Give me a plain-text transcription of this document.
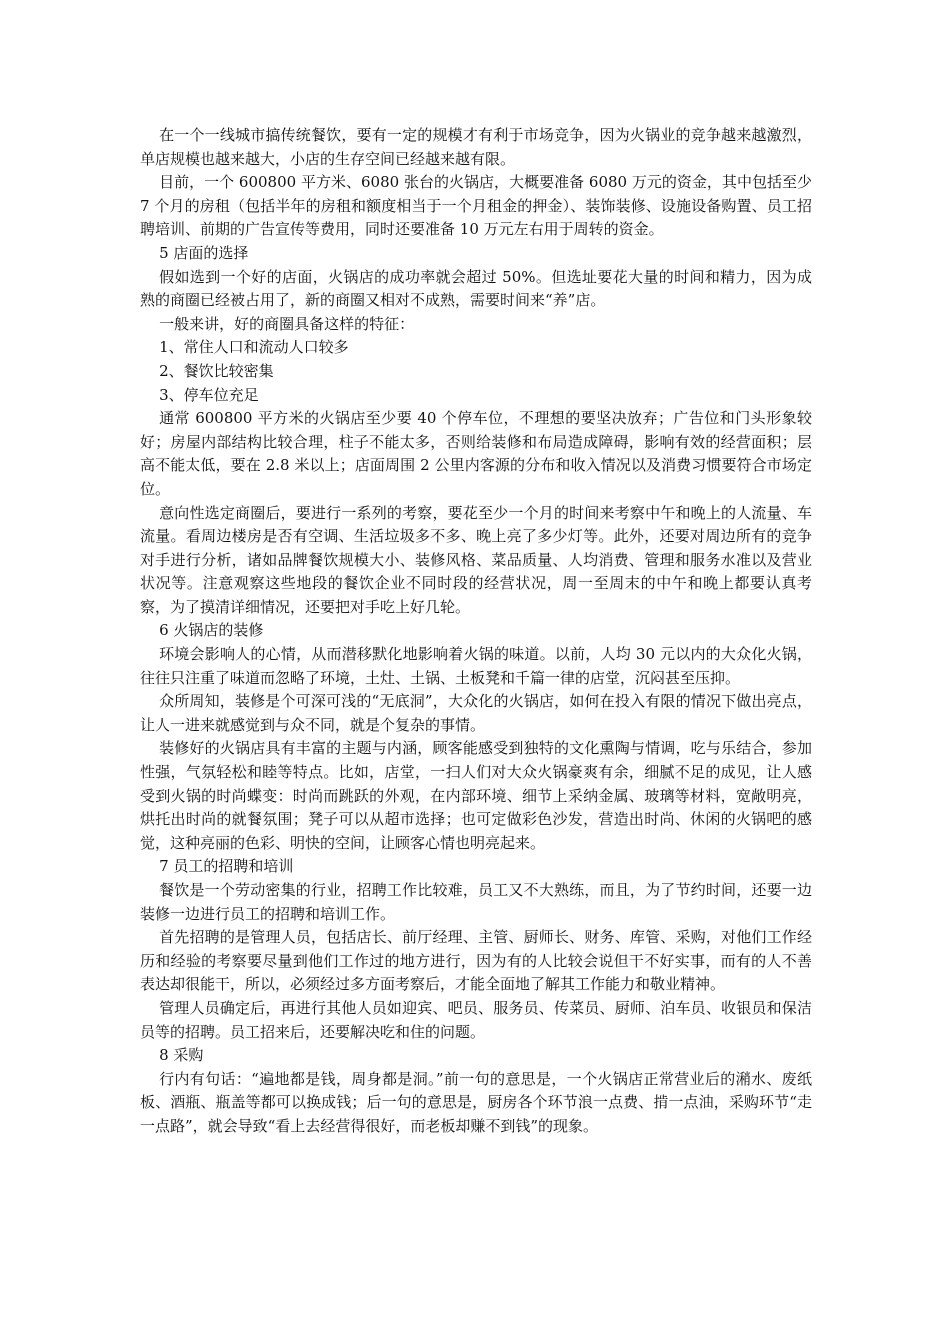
在一个一线城市搞传统餐饮，要有一定的规模才有利于市场竞争，因为火锅业的竞争越来越激烈，单店规模也越来越大，小店的生存空间已经越来越有限。

目前，一个 600800 平方米、6080 张台的火锅店，大概要准备 6080 万元的资金，其中包括至少 7 个月的房租（包括半年的房租和额度相当于一个月租金的押金）、装饰装修、设施设备购置、员工招聘培训、前期的广告宣传等费用，同时还要准备 10 万元左右用于周转的资金。

5 店面的选择

假如选到一个好的店面，火锅店的成功率就会超过 50%。但选址要花大量的时间和精力，因为成熟的商圈已经被占用了，新的商圈又相对不成熟，需要时间来“养”店。

一般来讲，好的商圈具备这样的特征：

1、常住人口和流动人口较多

2、餐饮比较密集

3、停车位充足

通常 600800 平方米的火锅店至少要 40 个停车位，不理想的要坚决放弃；广告位和门头形象较好；房屋内部结构比较合理，柱子不能太多，否则给装修和布局造成障碍，影响有效的经营面积；层高不能太低，要在 2.8 米以上；店面周围 2 公里内客源的分布和收入情况以及消费习惯要符合市场定位。

意向性选定商圈后，要进行一系列的考察，要花至少一个月的时间来考察中午和晚上的人流量、车流量。看周边楼房是否有空调、生活垃圾多不多、晚上亮了多少灯等。此外，还要对周边所有的竞争对手进行分析，诸如品牌餐饮规模大小、装修风格、菜品质量、人均消费、管理和服务水准以及营业状况等。注意观察这些地段的餐饮企业不同时段的经营状况，周一至周末的中午和晚上都要认真考察，为了摸清详细情况，还要把对手吃上好几轮。

6 火锅店的装修

环境会影响人的心情，从而潜移默化地影响着火锅的味道。以前，人均 30 元以内的大众化火锅，往往只注重了味道而忽略了环境，土灶、土锅、土板凳和千篇一律的店堂，沉闷甚至压抑。

众所周知，装修是个可深可浅的“无底洞”，大众化的火锅店，如何在投入有限的情况下做出亮点，让人一进来就感觉到与众不同，就是个复杂的事情。

装修好的火锅店具有丰富的主题与内涵，顾客能感受到独特的文化熏陶与情调，吃与乐结合，参加性强，气氛轻松和睦等特点。比如，店堂，一扫人们对大众火锅豪爽有余，细腻不足的成见，让人感受到火锅的时尚蝶变：时尚而跳跃的外观，在内部环境、细节上采纳金属、玻璃等材料，宽敞明亮，烘托出时尚的就餐氛围；凳子可以从超市选择；也可定做彩色沙发，营造出时尚、休闲的火锅吧的感觉，这种亮丽的色彩、明快的空间，让顾客心情也明亮起来。

7 员工的招聘和培训

餐饮是一个劳动密集的行业，招聘工作比较难，员工又不大熟练，而且，为了节约时间，还要一边装修一边进行员工的招聘和培训工作。

首先招聘的是管理人员，包括店长、前厅经理、主管、厨师长、财务、库管、采购，对他们工作经历和经验的考察要尽量到他们工作过的地方进行，因为有的人比较会说但干不好实事，而有的人不善表达却很能干，所以，必须经过多方面考察后，才能全面地了解其工作能力和敬业精神。

管理人员确定后，再进行其他人员如迎宾、吧员、服务员、传菜员、厨师、泊车员、收银员和保洁员等的招聘。员工招来后，还要解决吃和住的问题。

8 采购

行内有句话：“遍地都是钱，周身都是洞。”前一句的意思是，一个火锅店正常营业后的潲水、废纸板、酒瓶、瓶盖等都可以换成钱；后一句的意思是，厨房各个环节浪一点费、掯一点油，采购环节“走一点路”，就会导致“看上去经营得很好，而老板却赚不到钱”的现象。
